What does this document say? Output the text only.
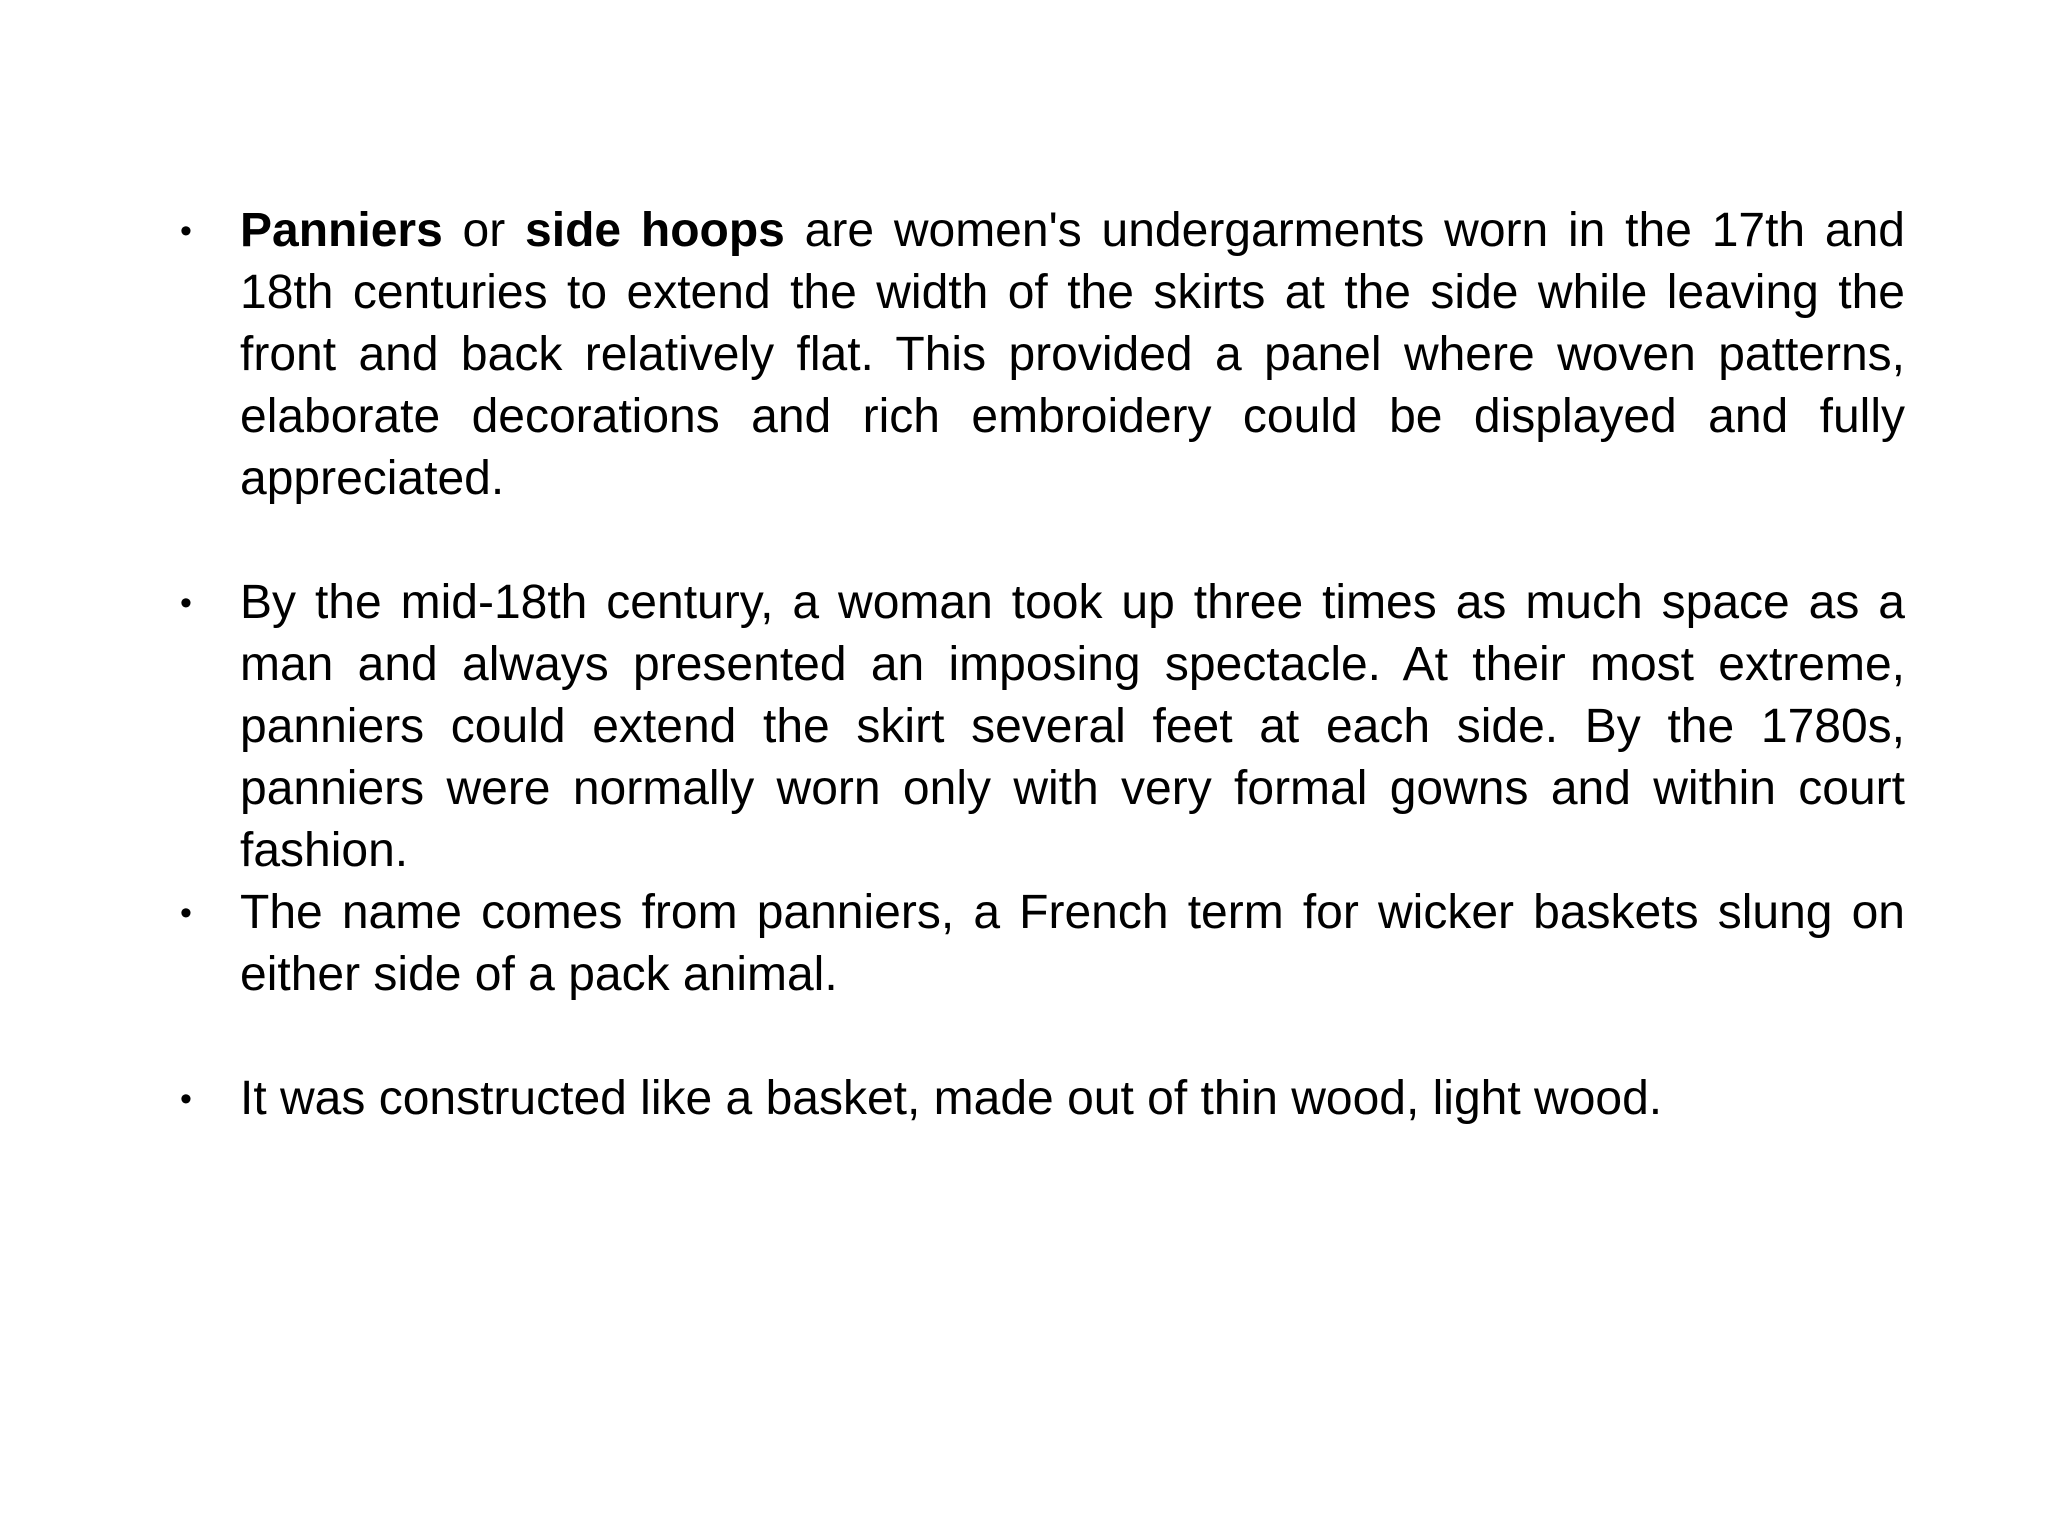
• Panniers or side hoops are women's undergarments worn in the 17th and 18th centuries to extend the width of the skirts at the side while leaving the front and back relatively flat. This provided a panel where woven patterns, elaborate decorations and rich embroidery could be displayed and fully appreciated.
• By the mid-18th century, a woman took up three times as much space as a man and always presented an imposing spectacle. At their most extreme, panniers could extend the skirt several feet at each side. By the 1780s, panniers were normally worn only with very formal gowns and within court fashion.
• The name comes from panniers, a French term for wicker baskets slung on either side of a pack animal.
• It was constructed like a basket, made out of thin wood, light wood.
